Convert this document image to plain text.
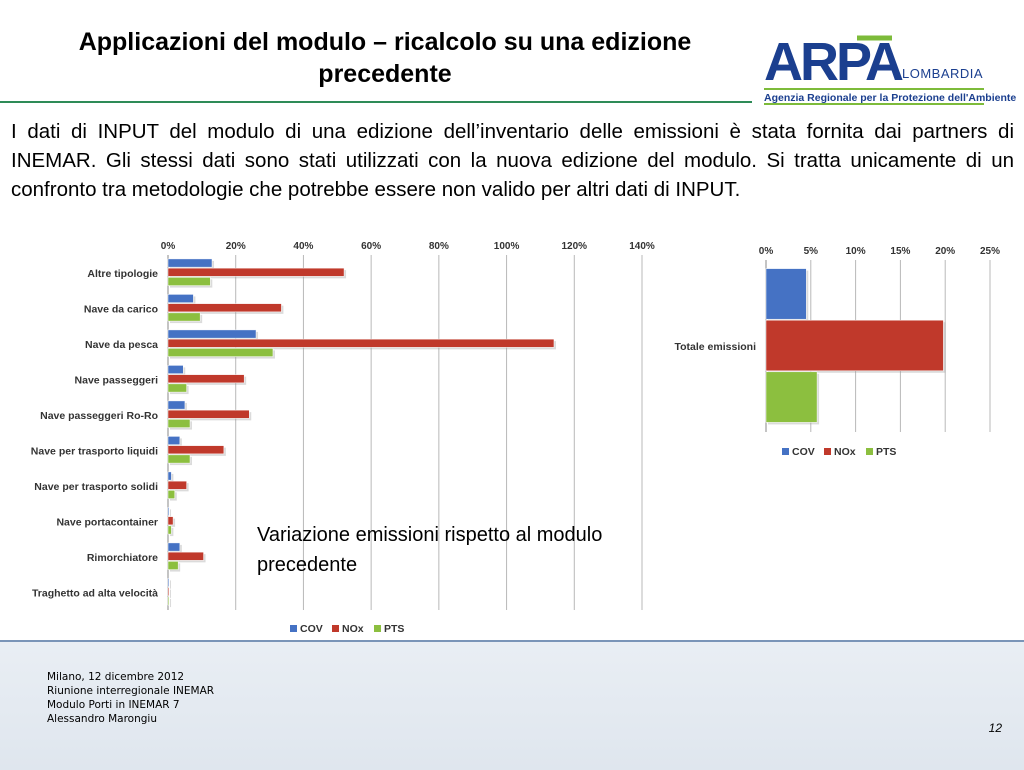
Applicazioni del modulo – ricalcolo su una edizione precedente	ARPA LOMBARDIA
Agenzia Regionale per la Protezione dell'Ambiente
I dati di INPUT del modulo di una edizione dell’inventario delle emissioni è stata fornita dai partners di INEMAR. Gli stessi dati sono stati utilizzati con la nuova edizione del modulo. Si tratta unicamente di un confronto tra metodologie che potrebbe essere non valido per altri dati di INPUT.
0%	20%	40%	60%	80%	100%	120%	140%
Altre tipologie
Nave da carico
Nave da pesca
Nave passeggeri
Nave passeggeri Ro-Ro
Nave per trasporto liquidi
Nave per trasporto solidi
Nave portacontainer
Rimorchiatore
Traghetto ad alta velocità
COV NOx PTS
0%	5%	10% 15% 20% 25%
Totale emissioni
COV NOx PTS
Variazione emissioni rispetto al modulo precedente
Milano, 12 dicembre 2012
Riunione interregionale INEMAR
Modulo Porti in INEMAR 7
Alessandro Marongiu
12
